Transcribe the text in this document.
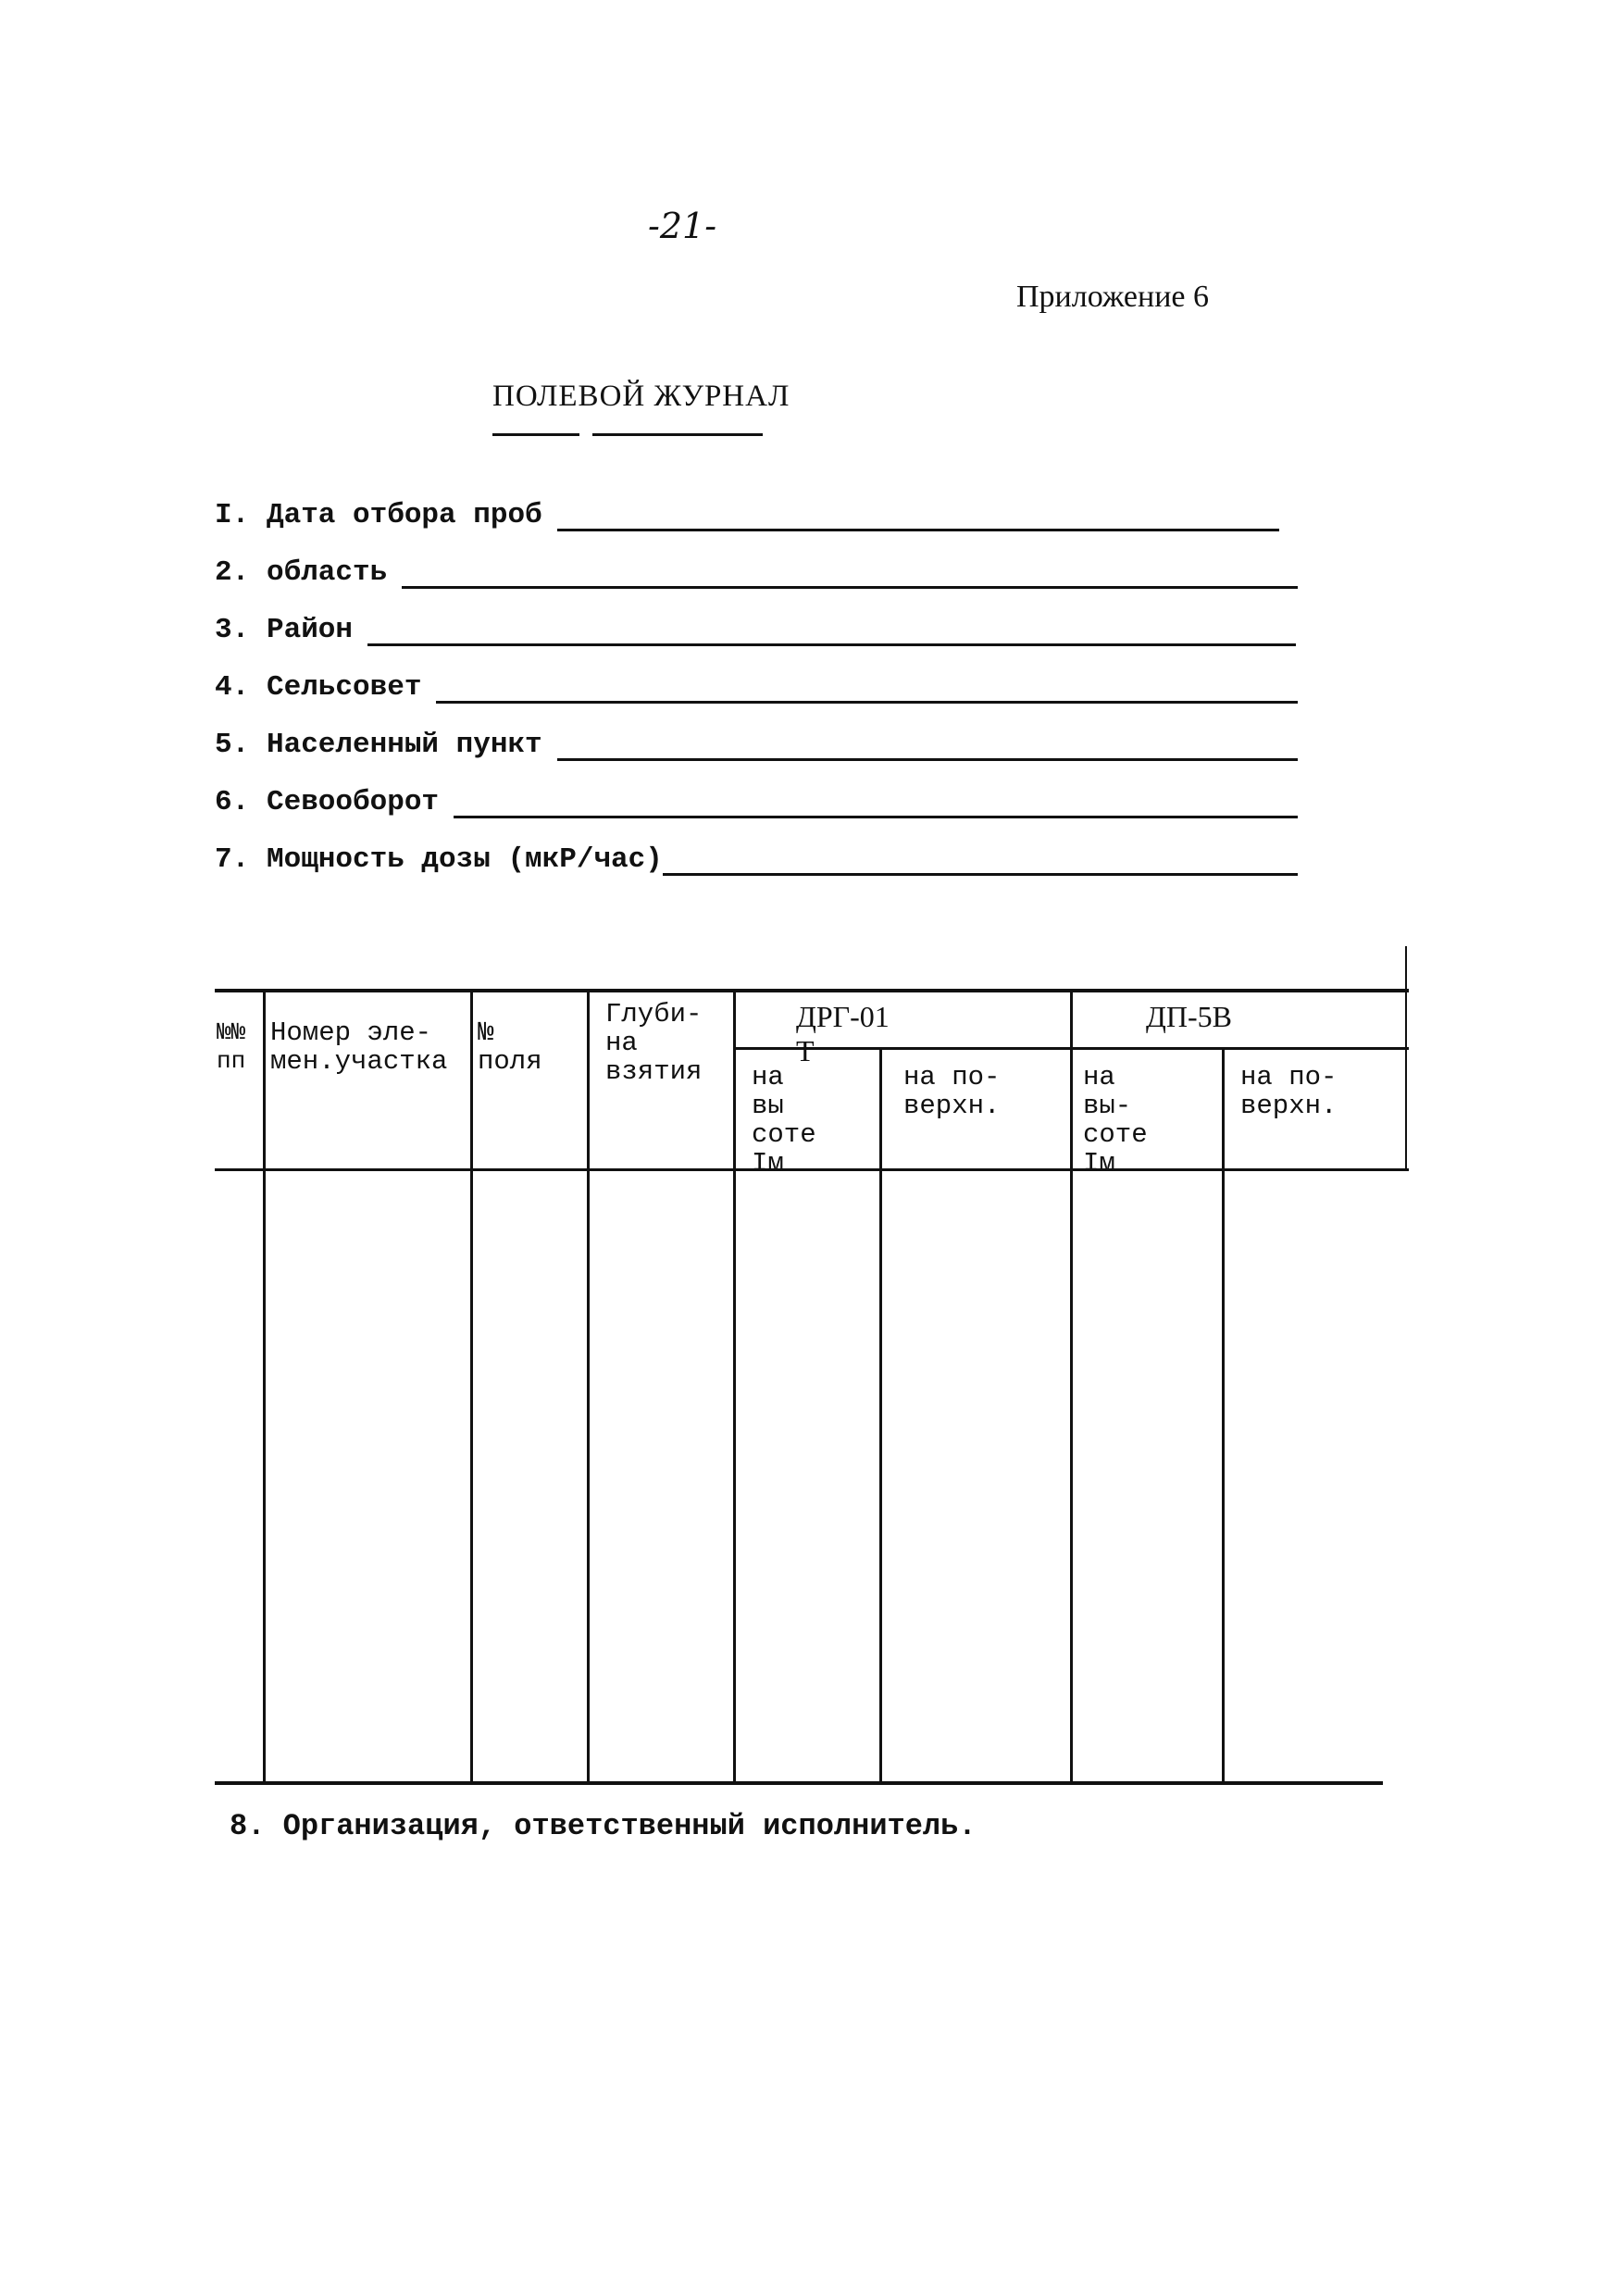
-21-
Приложение 6
ПОЛЕВОЙ ЖУРНАЛ
I. Дата отбора проб
2. область
3. Район
4. Сельсовет
5. Населенный пункт
6. Севооборот
7. Мощность дозы (мкР/час)
№№
пп
Номер эле-
мен.участка
№
поля
Глуби-
на
взятия
ДРГ-01 Т
ДП-5В
на вы
соте
Iм
на по-
верхн.
на вы-
соте
Iм
на по-
верхн.
8. Организация, ответственный исполнитель.
